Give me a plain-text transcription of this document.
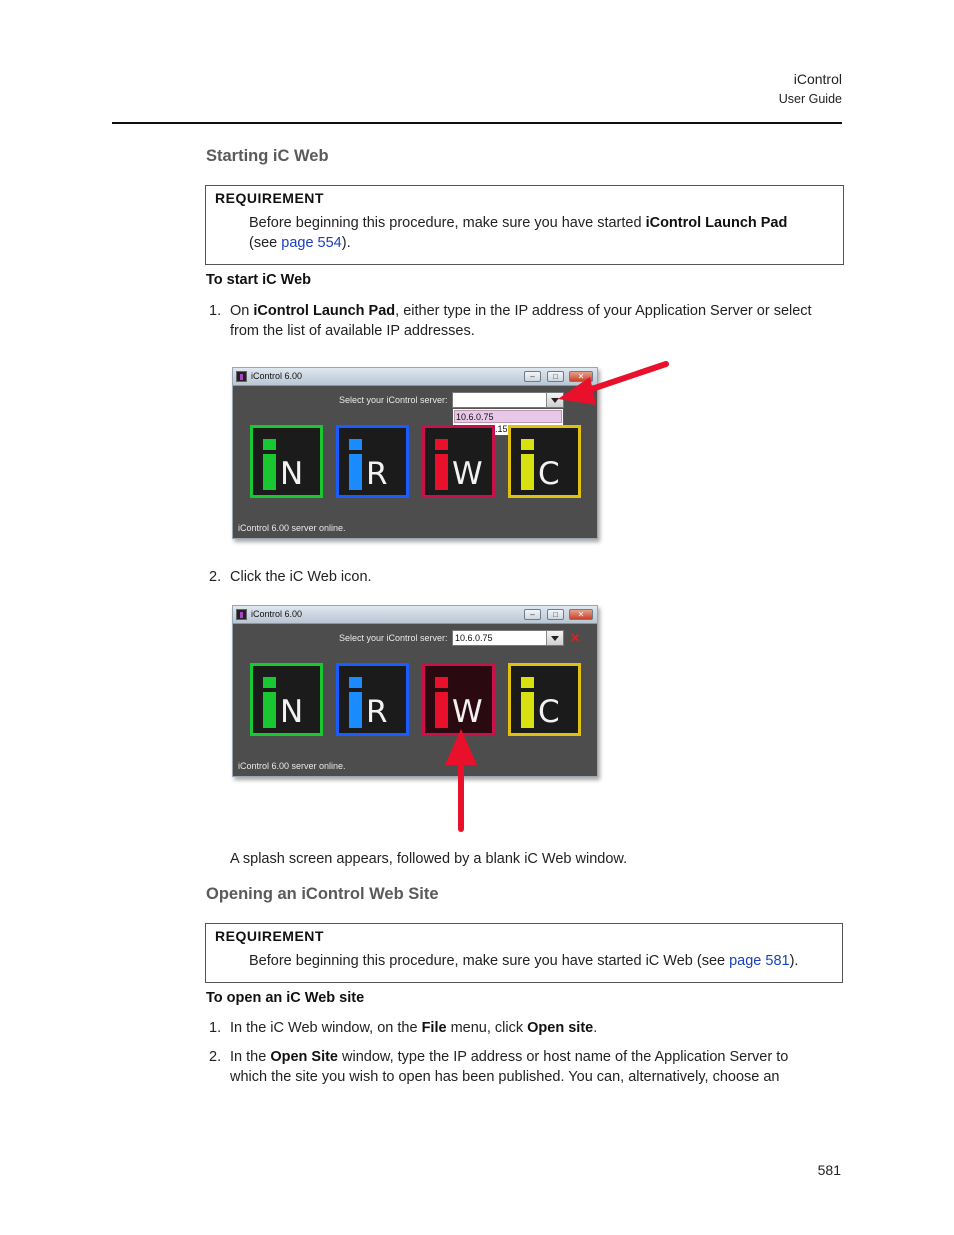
iControl
User Guide
Starting iC Web
REQUIREMENT
Before beginning this procedure, make sure you have started iControl Launch Pad
(see page 554).
To start iC Web
1. On iControl Launch Pad, either type in the IP address of your Application Server or select
from the list of available IP addresses.
iControl 6.00	–	□	✕
Select your iControl server:
10.6.0.75
N R W C
iControl 6.00 server online.
2. Click the iC Web icon.
iControl 6.00	–	□	✕
Select your iControl server: 10.6.0.75	✕
N R W C
iControl 6.00 server online.
A splash screen appears, followed by a blank iC Web window.
Opening an iControl Web Site
REQUIREMENT
Before beginning this procedure, make sure you have started iC Web (see page 581).
To open an iC Web site
1. In the iC Web window, on the File menu, click Open site.
2. In the Open Site window, type the IP address or host name of the Application Server to
which the site you wish to open has been published. You can, alternatively, choose an
581
